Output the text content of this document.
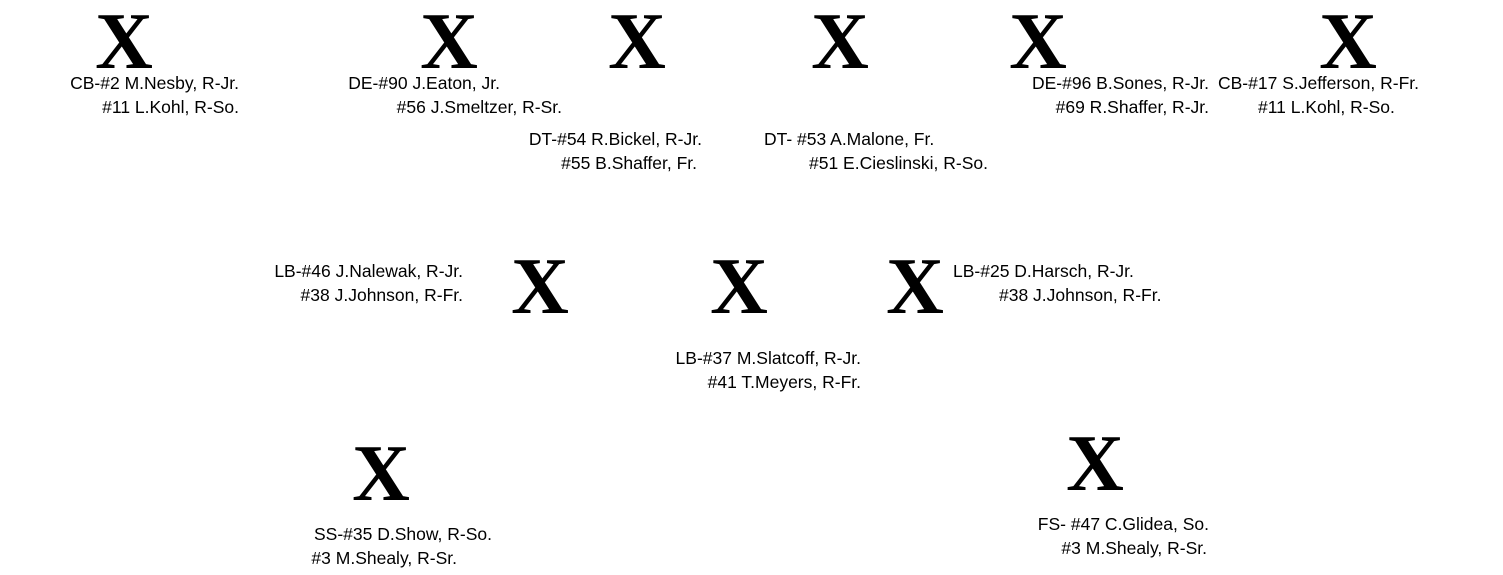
X	X X X X	X
X X X
X	X
CB-#2 M.Nesby, R-Jr.
#11 L.Kohl, R-So.
DE-#90 J.Eaton, Jr.
#56 J.Smeltzer, R-Sr.
DT-#54 R.Bickel, R-Jr.
#55 B.Shaffer, Fr.
DT- #53 A.Malone, Fr.
#51 E.Cieslinski, R-So.
DE-#96 B.Sones, R-Jr.
#69 R.Shaffer, R-Jr.
CB-#17 S.Jefferson, R-Fr.
#11 L.Kohl, R-So.
LB-#46 J.Nalewak, R-Jr.
#38 J.Johnson, R-Fr.
LB-#37 M.Slatcoff, R-Jr.
#41 T.Meyers, R-Fr.
LB-#25 D.Harsch, R-Jr.
#38 J.Johnson, R-Fr.
SS-#35 D.Show, R-So.
#3 M.Shealy, R-Sr.
FS- #47 C.Glidea, So.
#3 M.Shealy, R-Sr.
